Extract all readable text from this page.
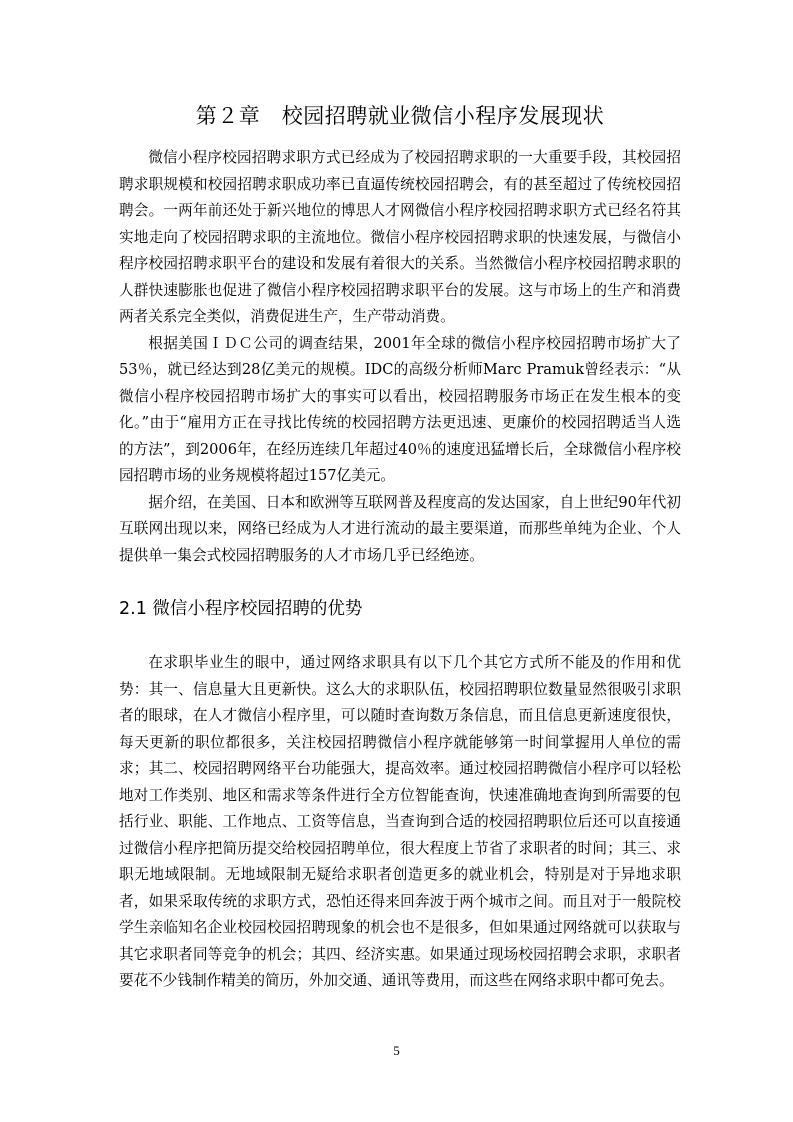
第２章　校园招聘就业微信小程序发展现状

微信小程序校园招聘求职方式已经成为了校园招聘求职的一大重要手段，其校园招聘求职规模和校园招聘求职成功率已直逼传统校园招聘会，有的甚至超过了传统校园招聘会。一两年前还处于新兴地位的博思人才网微信小程序校园招聘求职方式已经名符其实地走向了校园招聘求职的主流地位。微信小程序校园招聘求职的快速发展，与微信小程序校园招聘求职平台的建设和发展有着很大的关系。当然微信小程序校园招聘求职的人群快速膨胀也促进了微信小程序校园招聘求职平台的发展。这与市场上的生产和消费两者关系完全类似，消费促进生产，生产带动消费。

根据美国ＩＤＣ公司的调查结果，2001年全球的微信小程序校园招聘市场扩大了53％，就已经达到28亿美元的规模。IDC的高级分析师Marc Pramuk曾经表示：“从微信小程序校园招聘市场扩大的事实可以看出，校园招聘服务市场正在发生根本的变化。”由于“雇用方正在寻找比传统的校园招聘方法更迅速、更廉价的校园招聘适当人选的方法”，到2006年，在经历连续几年超过40％的速度迅猛增长后，全球微信小程序校园招聘市场的业务规模将超过157亿美元。

据介绍，在美国、日本和欧洲等互联网普及程度高的发达国家，自上世纪90年代初互联网出现以来，网络已经成为人才进行流动的最主要渠道，而那些单纯为企业、个人提供单一集会式校园招聘服务的人才市场几乎已经绝迹。

2.1 微信小程序校园招聘的优势

在求职毕业生的眼中，通过网络求职具有以下几个其它方式所不能及的作用和优势：其一、信息量大且更新快。这么大的求职队伍，校园招聘职位数量显然很吸引求职者的眼球，在人才微信小程序里，可以随时查询数万条信息，而且信息更新速度很快，每天更新的职位都很多，关注校园招聘微信小程序就能够第一时间掌握用人单位的需求；其二、校园招聘网络平台功能强大，提高效率。通过校园招聘微信小程序可以轻松地对工作类别、地区和需求等条件进行全方位智能查询，快速准确地查询到所需要的包括行业、职能、工作地点、工资等信息，当查询到合适的校园招聘职位后还可以直接通过微信小程序把简历提交给校园招聘单位，很大程度上节省了求职者的时间；其三、求职无地域限制。无地域限制无疑给求职者创造更多的就业机会，特别是对于异地求职者，如果采取传统的求职方式，恐怕还得来回奔波于两个城市之间。而且对于一般院校学生亲临知名企业校园校园招聘现象的机会也不是很多，但如果通过网络就可以获取与其它求职者同等竞争的机会；其四、经济实惠。如果通过现场校园招聘会求职，求职者要花不少钱制作精美的简历，外加交通、通讯等费用，而这些在网络求职中都可免去。

5
